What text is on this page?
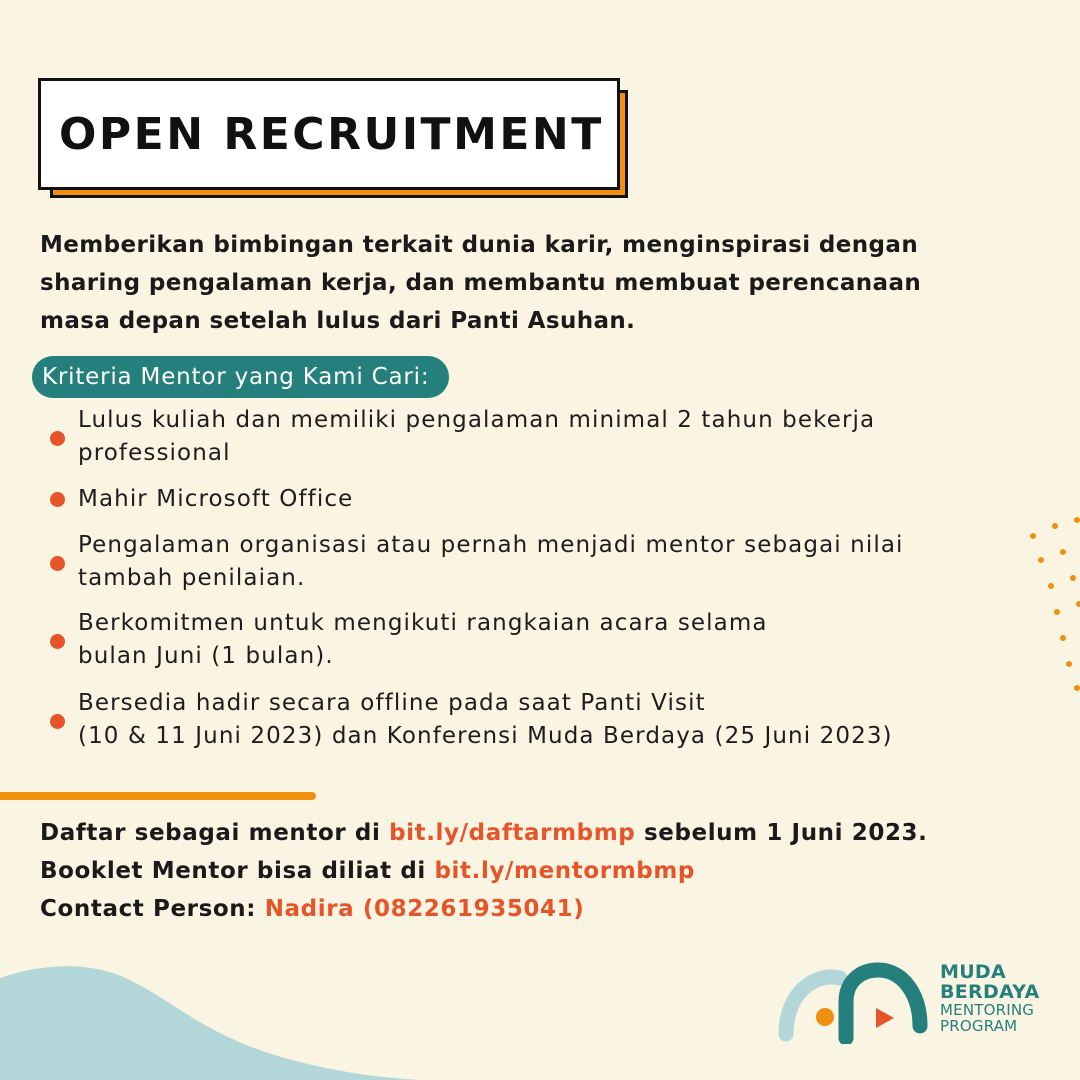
OPEN RECRUITMENT
Memberikan bimbingan terkait dunia karir, menginspirasi dengan
sharing pengalaman kerja, dan membantu membuat perencanaan
masa depan setelah lulus dari Panti Asuhan.
Kriteria Mentor yang Kami Cari:
Lulus kuliah dan memiliki pengalaman minimal 2 tahun bekerja
professional
Mahir Microsoft Office
Pengalaman organisasi atau pernah menjadi mentor sebagai nilai
tambah penilaian.
Berkomitmen untuk mengikuti rangkaian acara selama
bulan Juni (1 bulan).
Bersedia hadir secara offline pada saat Panti Visit
(10 & 11 Juni 2023) dan Konferensi Muda Berdaya (25 Juni 2023)
Daftar sebagai mentor di bit.ly/daftarmbmp sebelum 1 Juni 2023.
Booklet Mentor bisa diliat di bit.ly/mentormbmp
Contact Person: Nadira (082261935041)
MUDA
BERDAYA
MENTORING
PROGRAM
